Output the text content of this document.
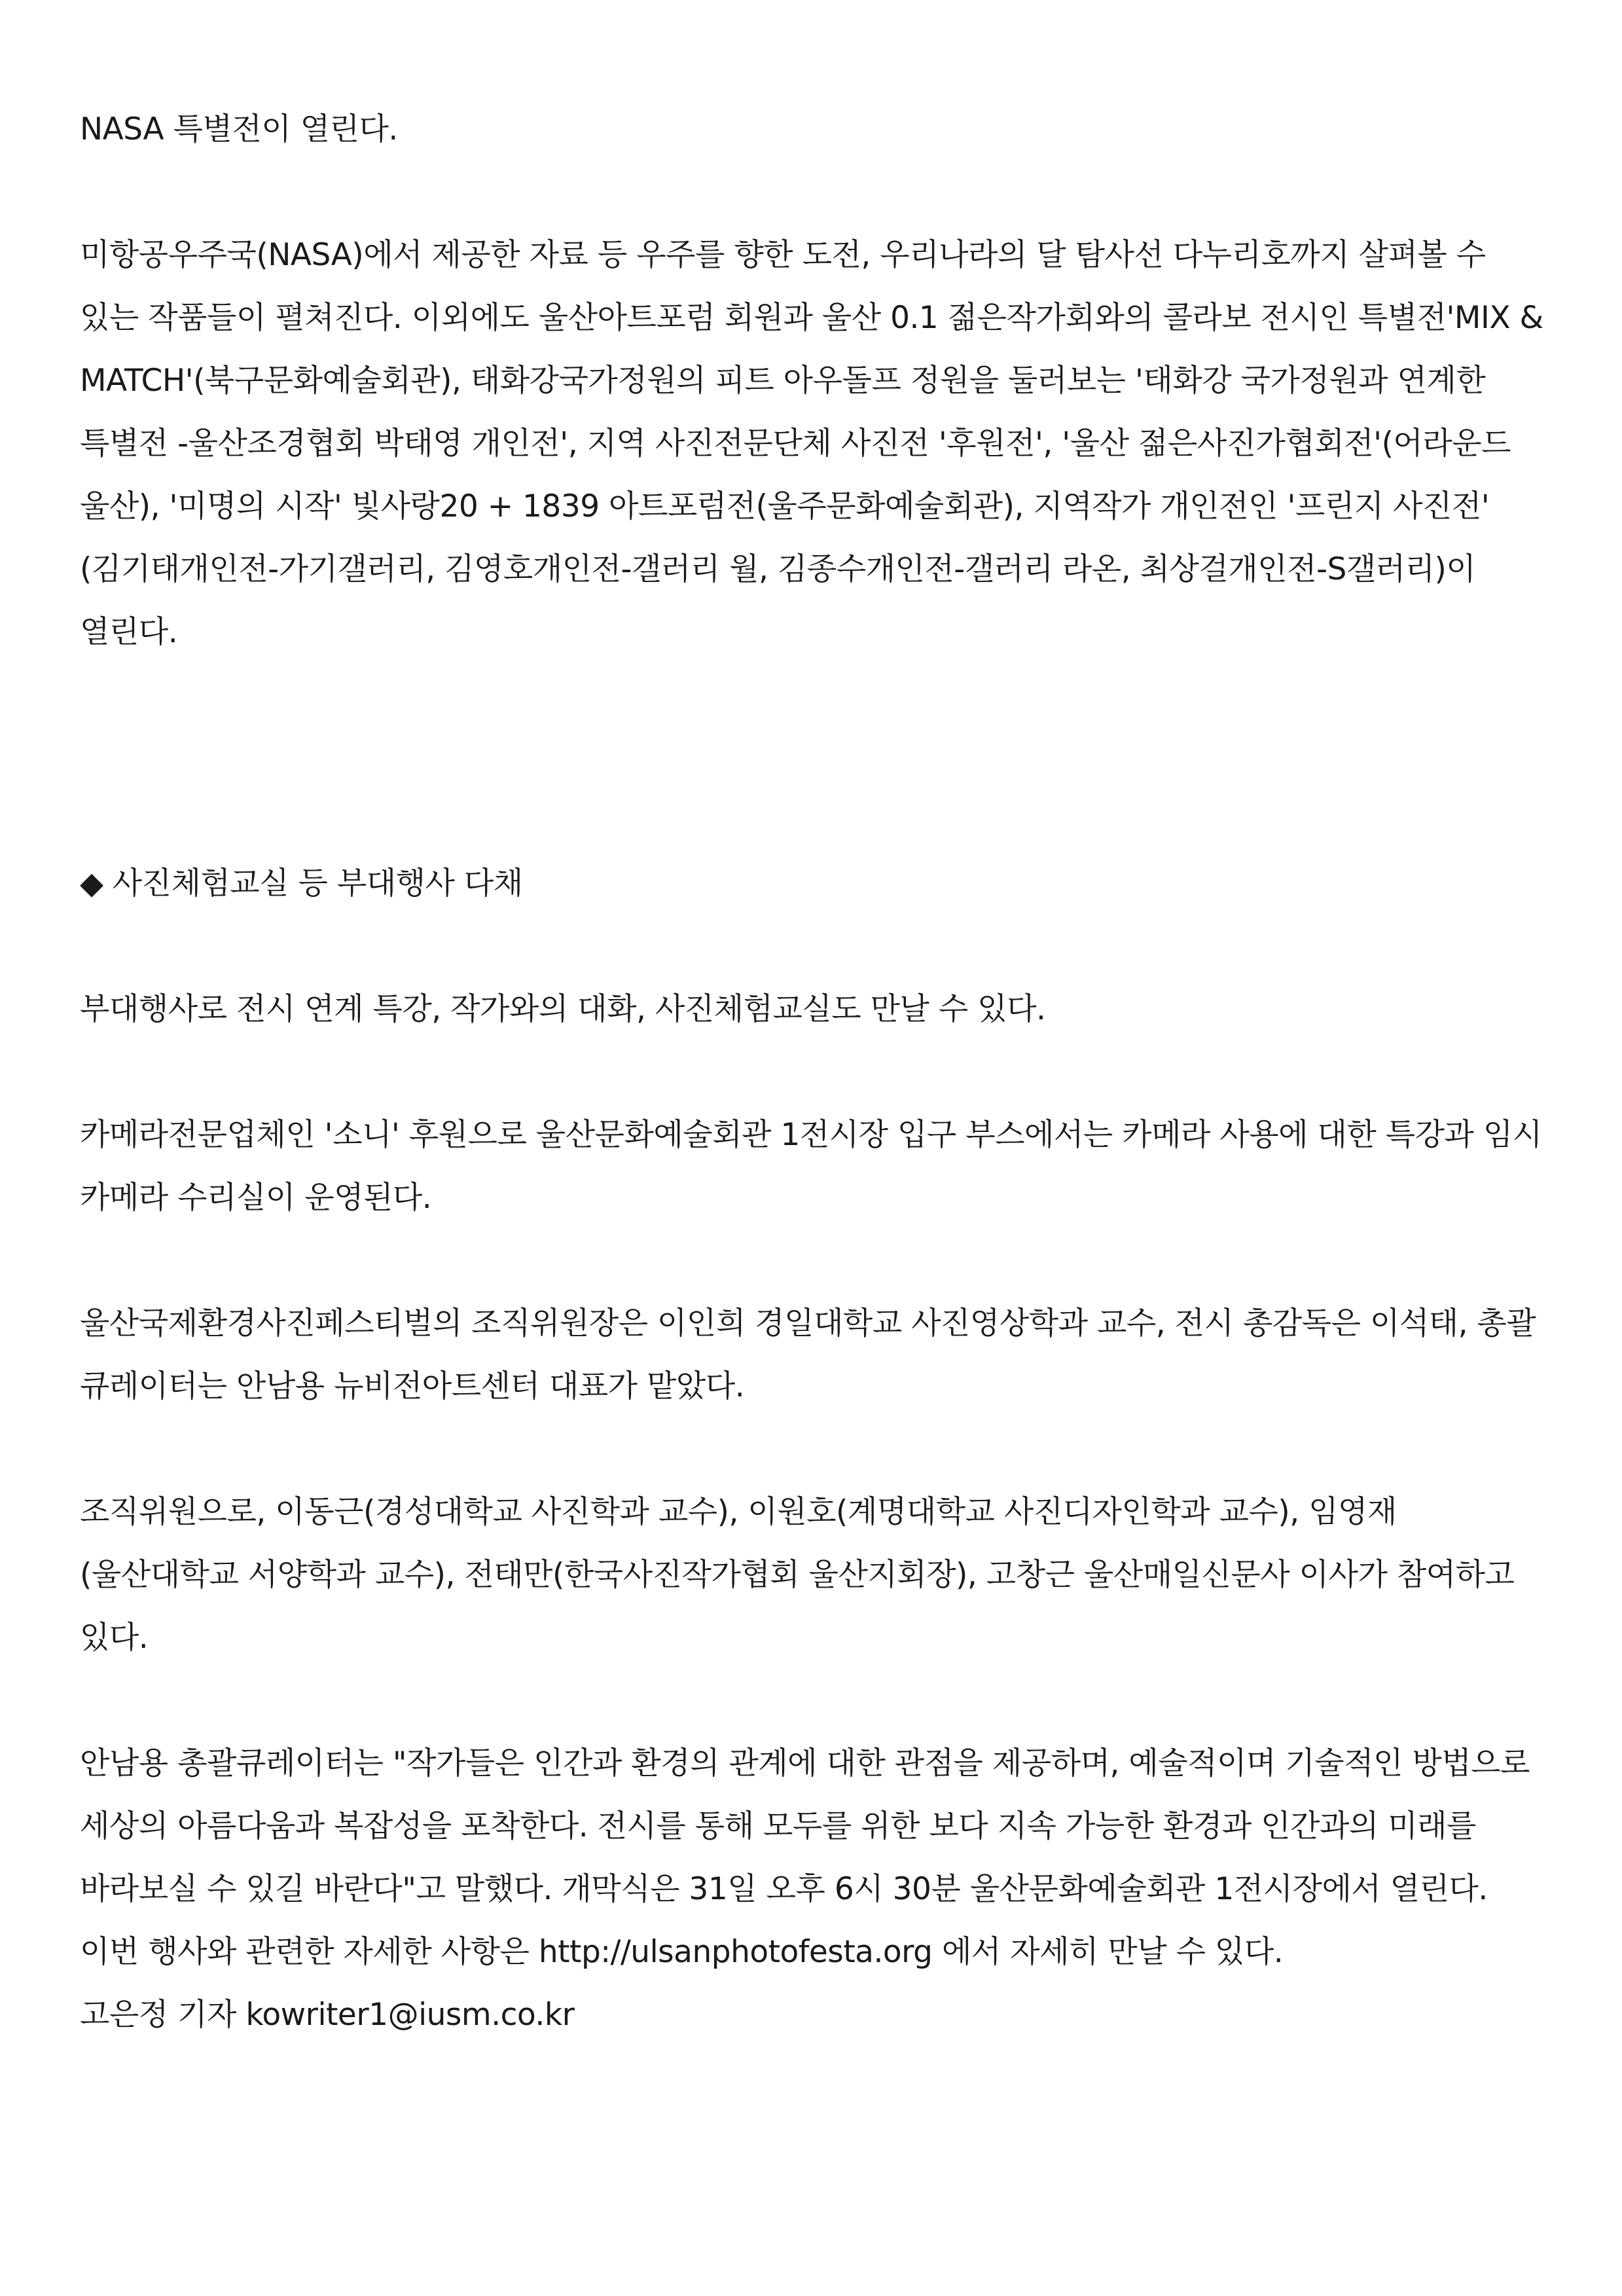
NASA 특별전이 열린다.

미항공우주국(NASA)에서 제공한 자료 등 우주를 향한 도전, 우리나라의 달 탐사선 다누리호까지 살펴볼 수 있는 작품들이 펼쳐진다. 이외에도 울산아트포럼 회원과 울산 0.1 젊은작가회와의 콜라보 전시인 특별전'MIX & MATCH'(북구문화예술회관), 태화강국가정원의 피트 아우돌프 정원을 둘러보는 '태화강 국가정원과 연계한 특별전 -울산조경협회 박태영 개인전', 지역 사진전문단체 사진전 '후원전', '울산 젊은사진가협회전'(어라운드 울산), '미명의 시작' 빛사랑20 + 1839 아트포럼전(울주문화예술회관), 지역작가 개인전인 '프린지 사진전' (김기태개인전-가기갤러리, 김영호개인전-갤러리 월, 김종수개인전-갤러리 라온, 최상걸개인전-S갤러리)이 열린다.

◆ 사진체험교실 등 부대행사 다채

부대행사로 전시 연계 특강, 작가와의 대화, 사진체험교실도 만날 수 있다.

카메라전문업체인 '소니' 후원으로 울산문화예술회관 1전시장 입구 부스에서는 카메라 사용에 대한 특강과 임시 카메라 수리실이 운영된다.

울산국제환경사진페스티벌의 조직위원장은 이인희 경일대학교 사진영상학과 교수, 전시 총감독은 이석태, 총괄 큐레이터는 안남용 뉴비전아트센터 대표가 맡았다.

조직위원으로, 이동근(경성대학교 사진학과 교수), 이원호(계명대학교 사진디자인학과 교수), 임영재(울산대학교 서양학과 교수), 전태만(한국사진작가협회 울산지회장), 고창근 울산매일신문사 이사가 참여하고 있다.

안남용 총괄큐레이터는 "작가들은 인간과 환경의 관계에 대한 관점을 제공하며, 예술적이며 기술적인 방법으로 세상의 아름다움과 복잡성을 포착한다. 전시를 통해 모두를 위한 보다 지속 가능한 환경과 인간과의 미래를 바라보실 수 있길 바란다"고 말했다. 개막식은 31일 오후 6시 30분 울산문화예술회관 1전시장에서 열린다. 이번 행사와 관련한 자세한 사항은 http://ulsanphotofesta.org 에서 자세히 만날 수 있다.

고은정 기자 kowriter1@iusm.co.kr
